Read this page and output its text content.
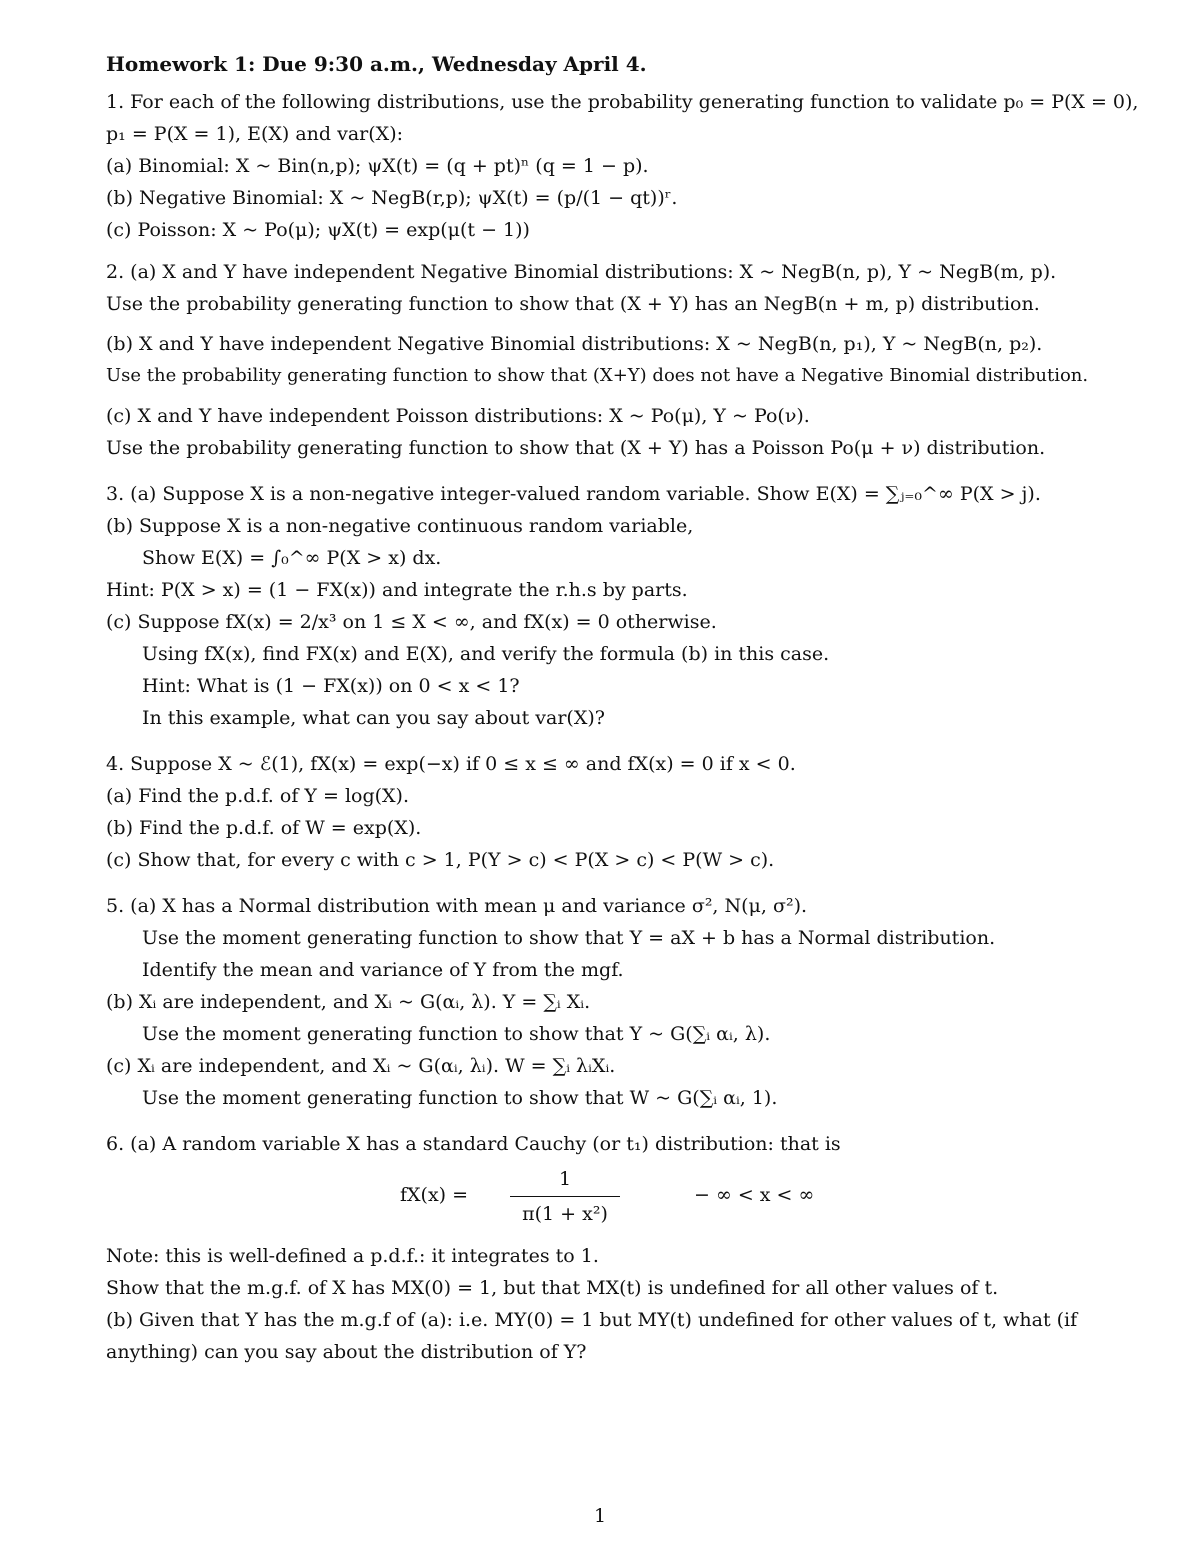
Homework 1: Due 9:30 a.m., Wednesday April 4.

1. For each of the following distributions, use the probability generating function to validate p₀ = P(X = 0),

p₁ = P(X = 1), E(X) and var(X):

(a) Binomial: X ~ Bin(n,p); ψX(t) = (q + pt)ⁿ (q = 1 − p).

(b) Negative Binomial: X ~ NegB(r,p); ψX(t) = (p/(1 − qt))ʳ.

(c) Poisson: X ~ Po(μ); ψX(t) = exp(μ(t − 1))

2. (a) X and Y have independent Negative Binomial distributions: X ~ NegB(n, p), Y ~ NegB(m, p).

Use the probability generating function to show that (X + Y) has an NegB(n + m, p) distribution.

(b) X and Y have independent Negative Binomial distributions: X ~ NegB(n, p₁), Y ~ NegB(n, p₂).

Use the probability generating function to show that (X+Y) does not have a Negative Binomial distribution.

(c) X and Y have independent Poisson distributions: X ~ Po(μ), Y ~ Po(ν).

Use the probability generating function to show that (X + Y) has a Poisson Po(μ + ν) distribution.

3. (a) Suppose X is a non-negative integer-valued random variable. Show E(X) = ∑ⱼ₌₀^∞ P(X > j).

(b) Suppose X is a non-negative continuous random variable,

Show E(X) = ∫₀^∞ P(X > x) dx.

Hint: P(X > x) = (1 − FX(x)) and integrate the r.h.s by parts.

(c) Suppose fX(x) = 2/x³ on 1 ≤ X < ∞, and fX(x) = 0 otherwise.

Using fX(x), find FX(x) and E(X), and verify the formula (b) in this case.

Hint: What is (1 − FX(x)) on 0 < x < 1?

In this example, what can you say about var(X)?

4. Suppose X ~ ℰ(1), fX(x) = exp(−x) if 0 ≤ x ≤ ∞ and fX(x) = 0 if x < 0.

(a) Find the p.d.f. of Y = log(X).

(b) Find the p.d.f. of W = exp(X).

(c) Show that, for every c with c > 1, P(Y > c) < P(X > c) < P(W > c).

5. (a) X has a Normal distribution with mean μ and variance σ², N(μ, σ²).

Use the moment generating function to show that Y = aX + b has a Normal distribution.

Identify the mean and variance of Y from the mgf.

(b) Xᵢ are independent, and Xᵢ ~ G(αᵢ, λ). Y = ∑ᵢ Xᵢ.

Use the moment generating function to show that Y ~ G(∑ᵢ αᵢ, λ).

(c) Xᵢ are independent, and Xᵢ ~ G(αᵢ, λᵢ). W = ∑ᵢ λᵢXᵢ.

Use the moment generating function to show that W ~ G(∑ᵢ αᵢ, 1).

6. (a) A random variable X has a standard Cauchy (or t₁) distribution: that is

$fX(x) = \frac{1}{\text{π(1 + x²)}}$	− ∞ < x < ∞

Note: this is well-defined a p.d.f.: it integrates to 1.

Show that the m.g.f. of X has MX(0) = 1, but that MX(t) is undefined for all other values of t.

(b) Given that Y has the m.g.f of (a): i.e. MY(0) = 1 but MY(t) undefined for other values of t, what (if anything) can you say about the distribution of Y?

1
